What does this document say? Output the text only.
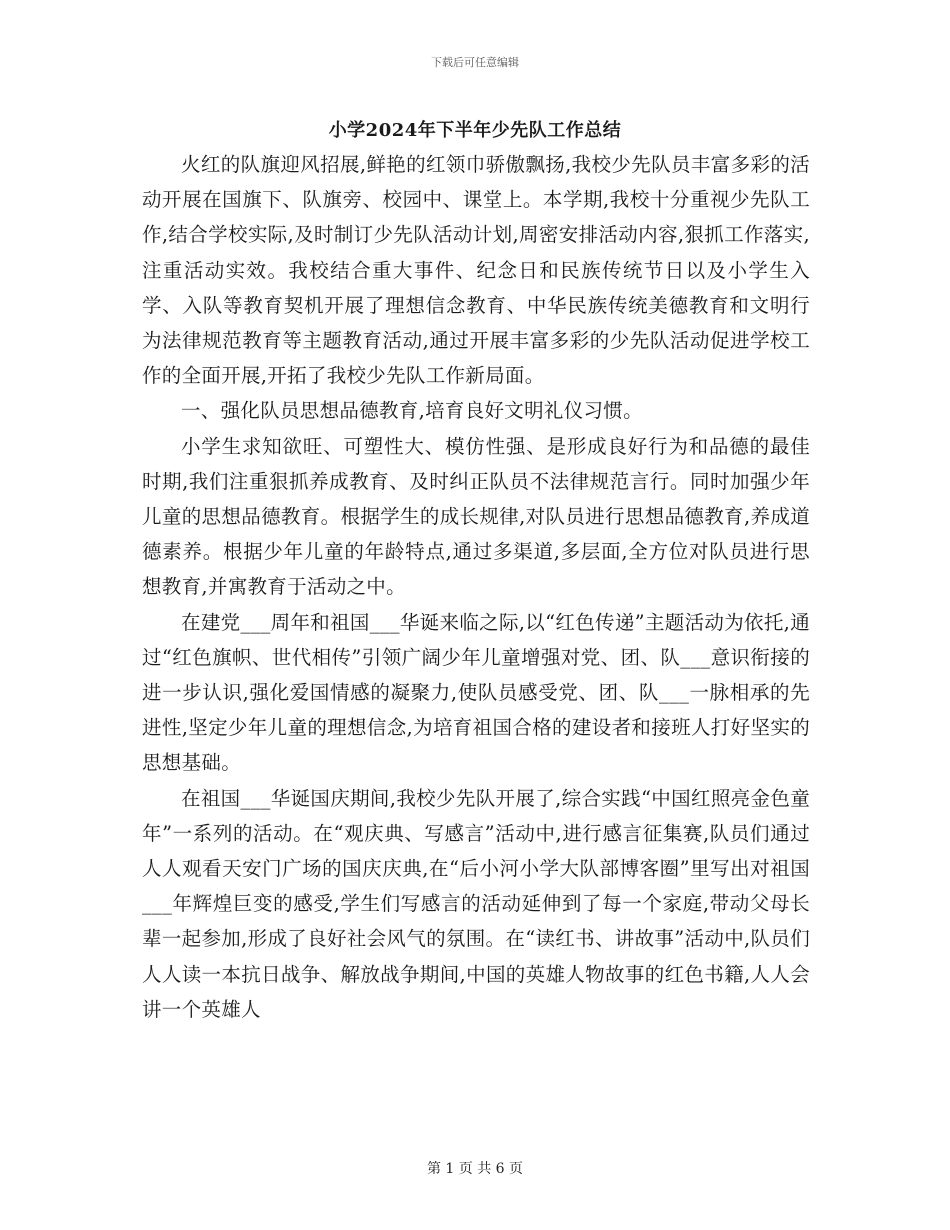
下载后可任意编辑
小学2024年下半年少先队工作总结

火红的队旗迎风招展,鲜艳的红领巾骄傲飘扬,我校少先队员丰富多彩的活动开展在国旗下、队旗旁、校园中、课堂上。本学期,我校十分重视少先队工作,结合学校实际,及时制订少先队活动计划,周密安排活动内容,狠抓工作落实,注重活动实效。我校结合重大事件、纪念日和民族传统节日以及小学生入学、入队等教育契机开展了理想信念教育、中华民族传统美德教育和文明行为法律规范教育等主题教育活动,通过开展丰富多彩的少先队活动促进学校工作的全面开展,开拓了我校少先队工作新局面。

一、强化队员思想品德教育,培育良好文明礼仪习惯。

小学生求知欲旺、可塑性大、模仿性强、是形成良好行为和品德的最佳时期,我们注重狠抓养成教育、及时纠正队员不法律规范言行。同时加强少年儿童的思想品德教育。根据学生的成长规律,对队员进行思想品德教育,养成道德素养。根据少年儿童的年龄特点,通过多渠道,多层面,全方位对队员进行思想教育,并寓教育于活动之中。

在建党___周年和祖国___华诞来临之际,以“红色传递”主题活动为依托,通过“红色旗帜、世代相传”引领广阔少年儿童增强对党、团、队___意识衔接的进一步认识,强化爱国情感的凝聚力,使队员感受党、团、队___一脉相承的先进性,坚定少年儿童的理想信念,为培育祖国合格的建设者和接班人打好坚实的思想基础。

在祖国___华诞国庆期间,我校少先队开展了,综合实践“中国红照亮金色童年”一系列的活动。在“观庆典、写感言”活动中,进行感言征集赛,队员们通过人人观看天安门广场的国庆庆典,在“后小河小学大队部博客圈”里写出对祖国___年辉煌巨变的感受,学生们写感言的活动延伸到了每一个家庭,带动父母长辈一起参加,形成了良好社会风气的氛围。在“读红书、讲故事”活动中,队员们人人读一本抗日战争、解放战争期间,中国的英雄人物故事的红色书籍,人人会讲一个英雄人

第 1 页 共 6 页
